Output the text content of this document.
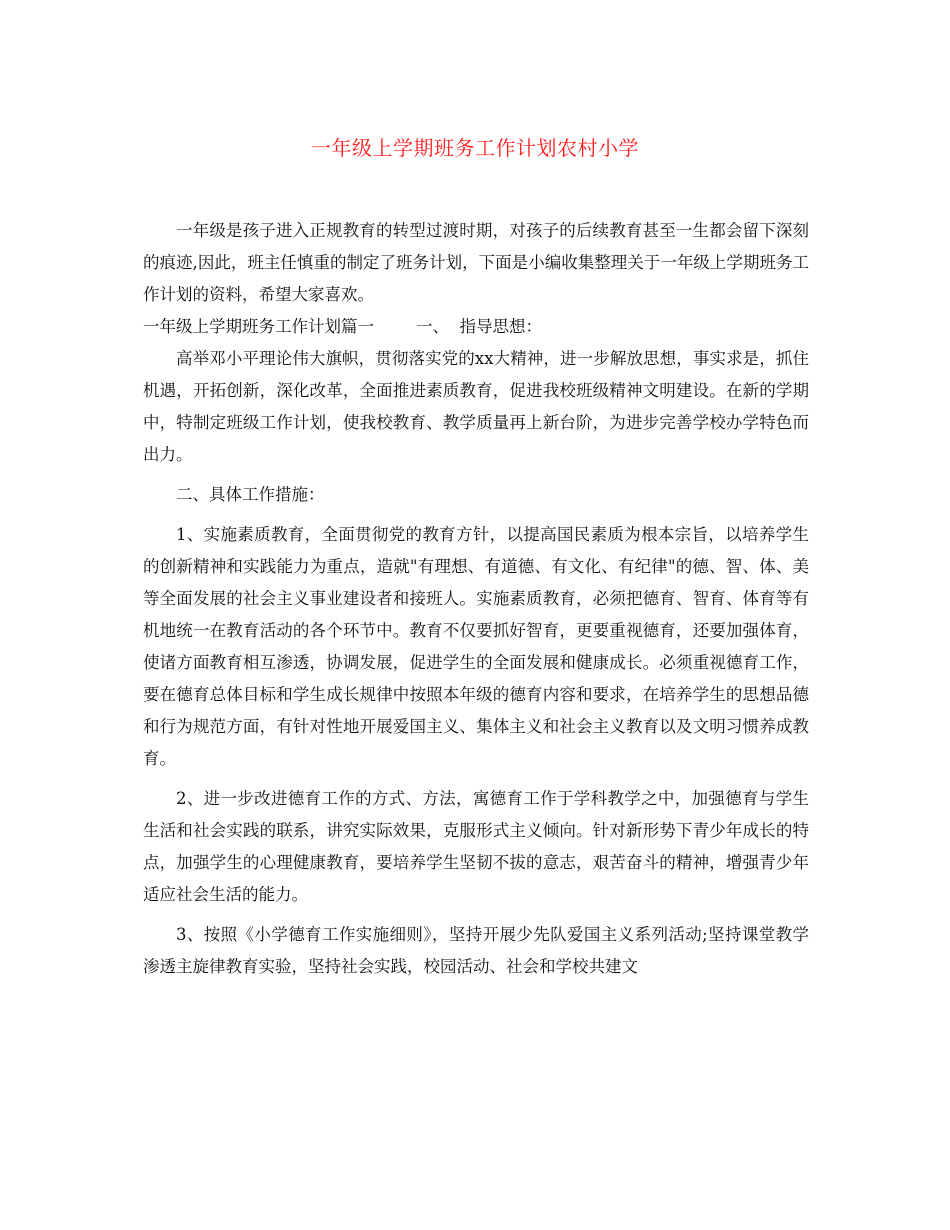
一年级上学期班务工作计划农村小学

一年级是孩子进入正规教育的转型过渡时期，对孩子的后续教育甚至一生都会留下深刻的痕迹,因此，班主任慎重的制定了班务计划，下面是小编收集整理关于一年级上学期班务工作计划的资料，希望大家喜欢。

一年级上学期班务工作计划篇一        一、  指导思想：

高举邓小平理论伟大旗帜，贯彻落实党的xx大精神，进一步解放思想，事实求是，抓住机遇，开拓创新，深化改革，全面推进素质教育，促进我校班级精神文明建设。在新的学期中，特制定班级工作计划，使我校教育、教学质量再上新台阶，为进步完善学校办学特色而出力。

二、具体工作措施：

1、实施素质教育，全面贯彻党的教育方针，以提高国民素质为根本宗旨，以培养学生的创新精神和实践能力为重点，造就"有理想、有道德、有文化、有纪律"的德、智、体、美等全面发展的社会主义事业建设者和接班人。实施素质教育，必须把德育、智育、体育等有机地统一在教育活动的各个环节中。教育不仅要抓好智育，更要重视德育，还要加强体育，使诸方面教育相互渗透，协调发展，促进学生的全面发展和健康成长。必须重视德育工作，要在德育总体目标和学生成长规律中按照本年级的德育内容和要求，在培养学生的思想品德和行为规范方面，有针对性地开展爱国主义、集体主义和社会主义教育以及文明习惯养成教育。

2、进一步改进德育工作的方式、方法，寓德育工作于学科教学之中，加强德育与学生生活和社会实践的联系，讲究实际效果，克服形式主义倾向。针对新形势下青少年成长的特点，加强学生的心理健康教育，要培养学生坚韧不拔的意志，艰苦奋斗的精神，增强青少年适应社会生活的能力。

3、按照《小学德育工作实施细则》，坚持开展少先队爱国主义系列活动;坚持课堂教学渗透主旋律教育实验，坚持社会实践，校园活动、社会和学校共建文
